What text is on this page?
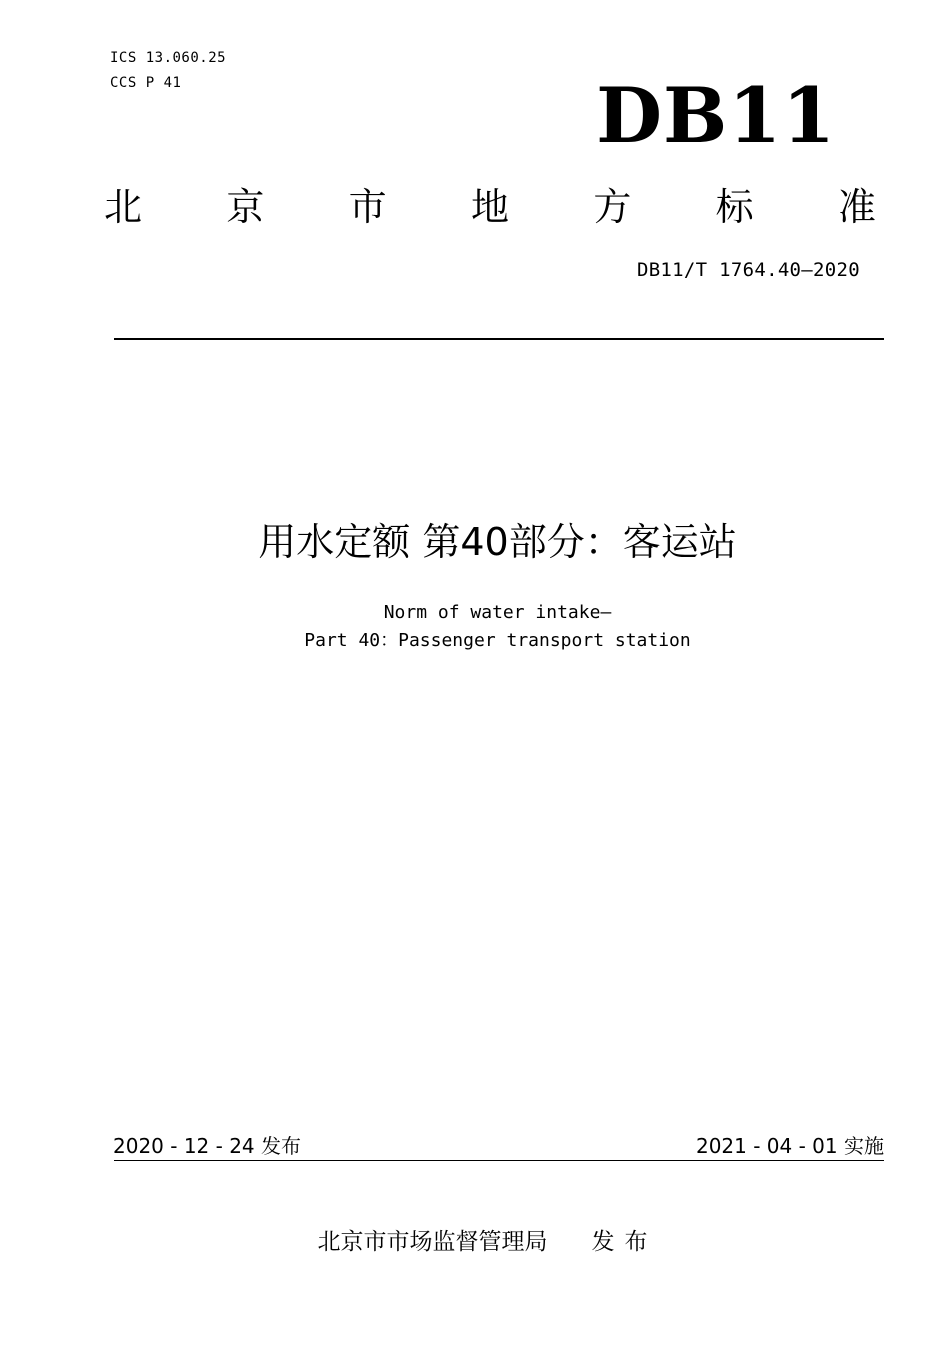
ICS 13.060.25
CCS P 41	DB11
北 京 市 地 方 标 准
DB11/T 1764.40—2020
用水定额 第40部分：客运站
Norm of water intake—
Part 40：Passenger transport station
2020 - 12 - 24 发布	2021 - 04 - 01 实施
北京市市场监督管理局 发布
